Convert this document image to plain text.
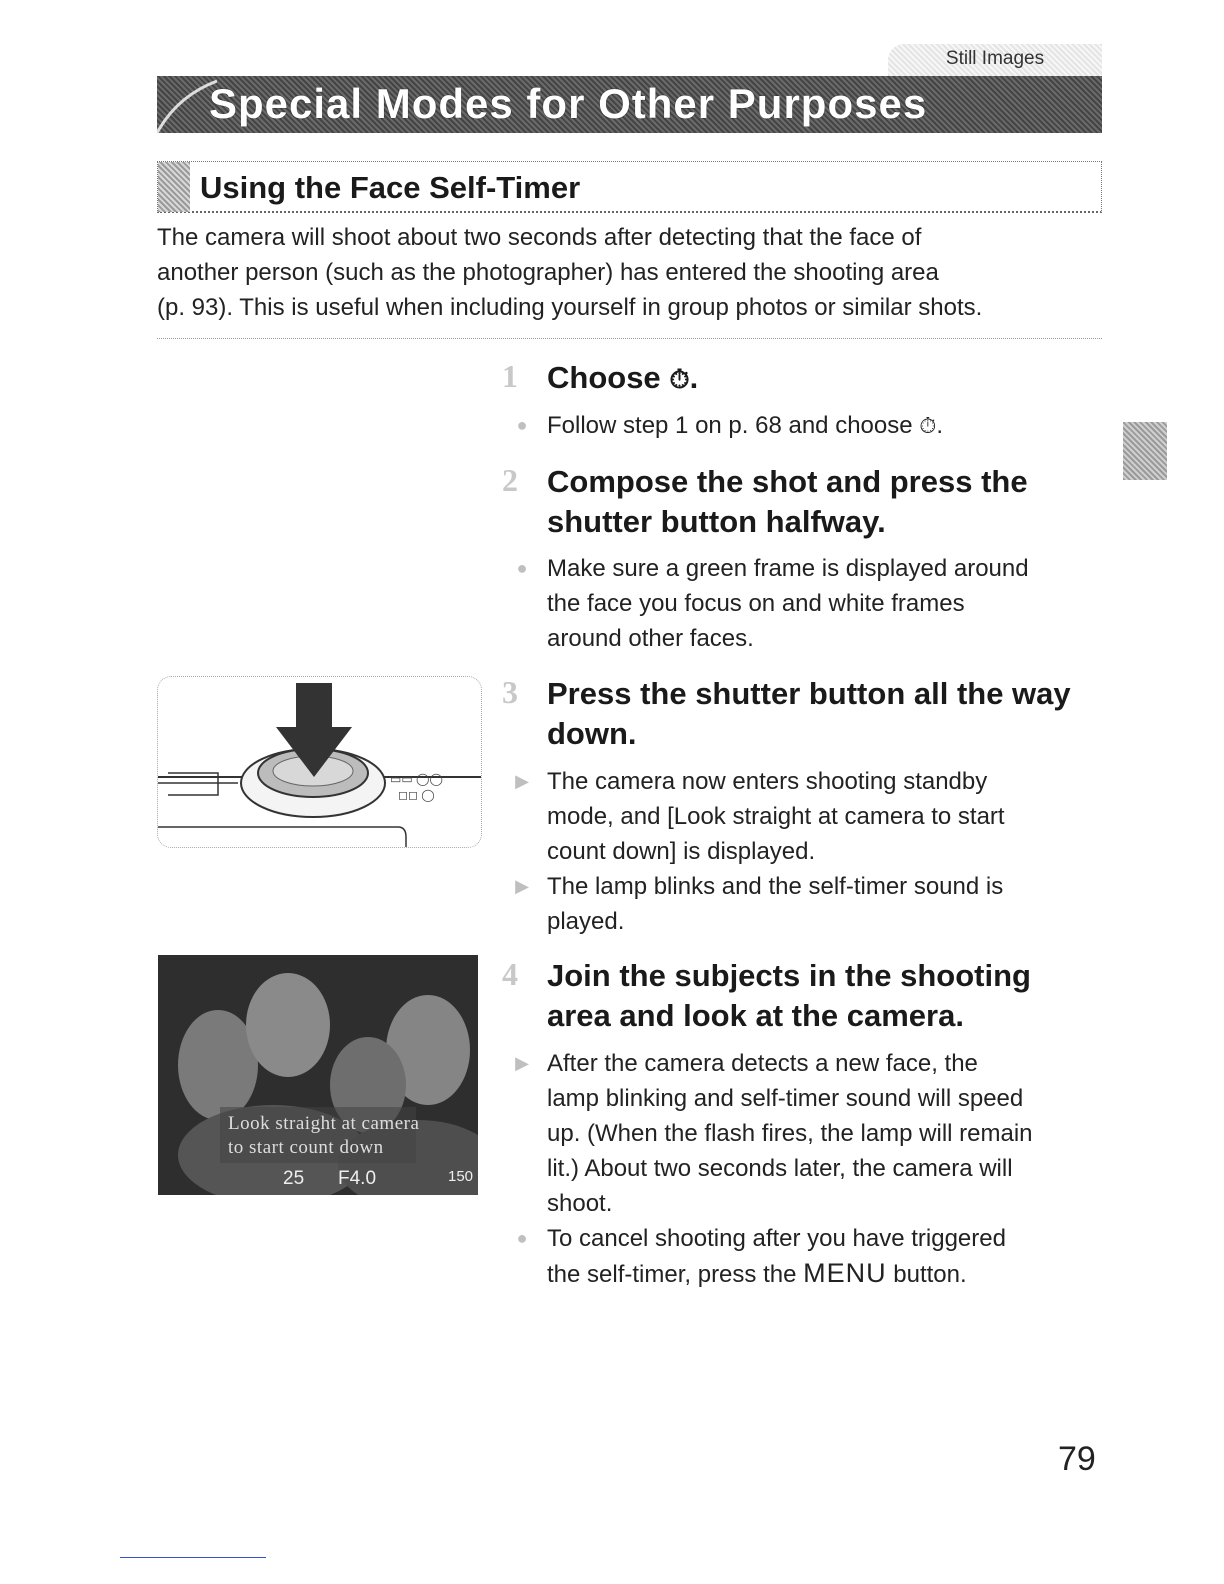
Still Images
Special Modes for Other Purposes
Using the Face Self-Timer
The camera will shoot about two seconds after detecting that the face of
another person (such as the photographer) has entered the shooting area
(p. 93). This is useful when including yourself in group photos or similar shots.
1 Choose ⏱.
● Follow step 1 on p. 68 and choose ⏱.
2 Compose the shot and press the
shutter button halfway.
● Make sure a green frame is displayed around
the face you focus on and white frames
around other faces.
3 Press the shutter button all the way
down.
▶ The camera now enters shooting standby
mode, and [Look straight at camera to start
count down] is displayed.
▶ The lamp blinks and the self-timer sound is
played.
4 Join the subjects in the shooting
area and look at the camera.
▶ After the camera detects a new face, the
lamp blinking and self-timer sound will speed
up. (When the flash fires, the lamp will remain
lit.) About two seconds later, the camera will
shoot.
● To cancel shooting after you have triggered
the self-timer, press the MENU button.
▭▭ ◯◯
◻◻ ◯
Look straight at camera
to start count down
25 F4.0	150
79
